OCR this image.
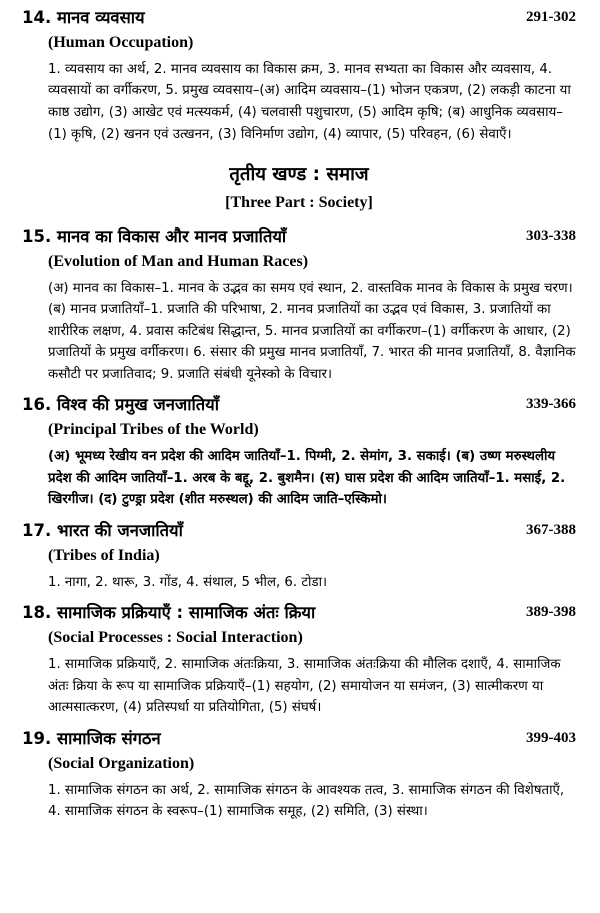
14. मानव व्यवसाय	291-302
(Human Occupation)
1. व्यवसाय का अर्थ, 2. मानव व्यवसाय का विकास क्रम, 3. मानव सभ्यता का विकास और व्यवसाय, 4. व्यवसायों का वर्गीकरण, 5. प्रमुख व्यवसाय–(अ) आदिम व्यवसाय–(1) भोजन एकत्रण, (2) लकड़ी काटना या काष्ठ उद्योग, (3) आखेट एवं मत्स्यकर्म, (4) चलवासी पशुचारण, (5) आदिम कृषि; (ब) आधुनिक व्यवसाय–(1) कृषि, (2) खनन एवं उत्खनन, (3) विनिर्माण उद्योग, (4) व्यापार, (5) परिवहन, (6) सेवाएँ।
तृतीय खण्ड : समाज
[Three Part : Society]
15. मानव का विकास और मानव प्रजातियाँ	303-338
(Evolution of Man and Human Races)
(अ) मानव का विकास–1. मानव के उद्भव का समय एवं स्थान, 2. वास्तविक मानव के विकास के प्रमुख चरण। (ब) मानव प्रजातियाँ–1. प्रजाति की परिभाषा, 2. मानव प्रजातियों का उद्भव एवं विकास, 3. प्रजातियों का शारीरिक लक्षण, 4. प्रवास कटिबंध सिद्धान्त, 5. मानव प्रजातियों का वर्गीकरण–(1) वर्गीकरण के आधार, (2) प्रजातियों के प्रमुख वर्गीकरण। 6. संसार की प्रमुख मानव प्रजातियाँ, 7. भारत की मानव प्रजातियाँ, 8. वैज्ञानिक कसौटी पर प्रजातिवाद; 9. प्रजाति संबंधी यूनेस्को के विचार।
16. विश्व की प्रमुख जनजातियाँ	339-366
(Principal Tribes of the World)
(अ) भूमध्य रेखीय वन प्रदेश की आदिम जातियाँ–1. पिग्मी, 2. सेमांग, 3. सकाई। (ब) उष्ण मरुस्थलीय प्रदेश की आदिम जातियाँ–1. अरब के बद्दू, 2. बुशमैन। (स) घास प्रदेश की आदिम जातियाँ–1. मसाई, 2. खिरगीज। (द) टुण्ड्रा प्रदेश (शीत मरुस्थल) की आदिम जाति–एस्किमो।
17. भारत की जनजातियाँ	367-388
(Tribes of India)
1. नागा, 2. थारू, 3. गोंड, 4. संथाल, 5 भील, 6. टोडा।
18. सामाजिक प्रक्रियाएँ : सामाजिक अंतः क्रिया	389-398
(Social Processes : Social Interaction)
1. सामाजिक प्रक्रियाएँ, 2. सामाजिक अंतःक्रिया, 3. सामाजिक अंतःक्रिया की मौलिक दशाएँ, 4. सामाजिक अंतः क्रिया के रूप या सामाजिक प्रक्रियाएँ–(1) सहयोग, (2) समायोजन या समंजन, (3) सात्मीकरण या आत्मसात्करण, (4) प्रतिस्पर्धा या प्रतियोगिता, (5) संघर्ष।
19. सामाजिक संगठन	399-403
(Social Organization)
1. सामाजिक संगठन का अर्थ, 2. सामाजिक संगठन के आवश्यक तत्व, 3. सामाजिक संगठन की विशेषताएँ, 4. सामाजिक संगठन के स्वरूप–(1) सामाजिक समूह, (2) समिति, (3) संस्था।
